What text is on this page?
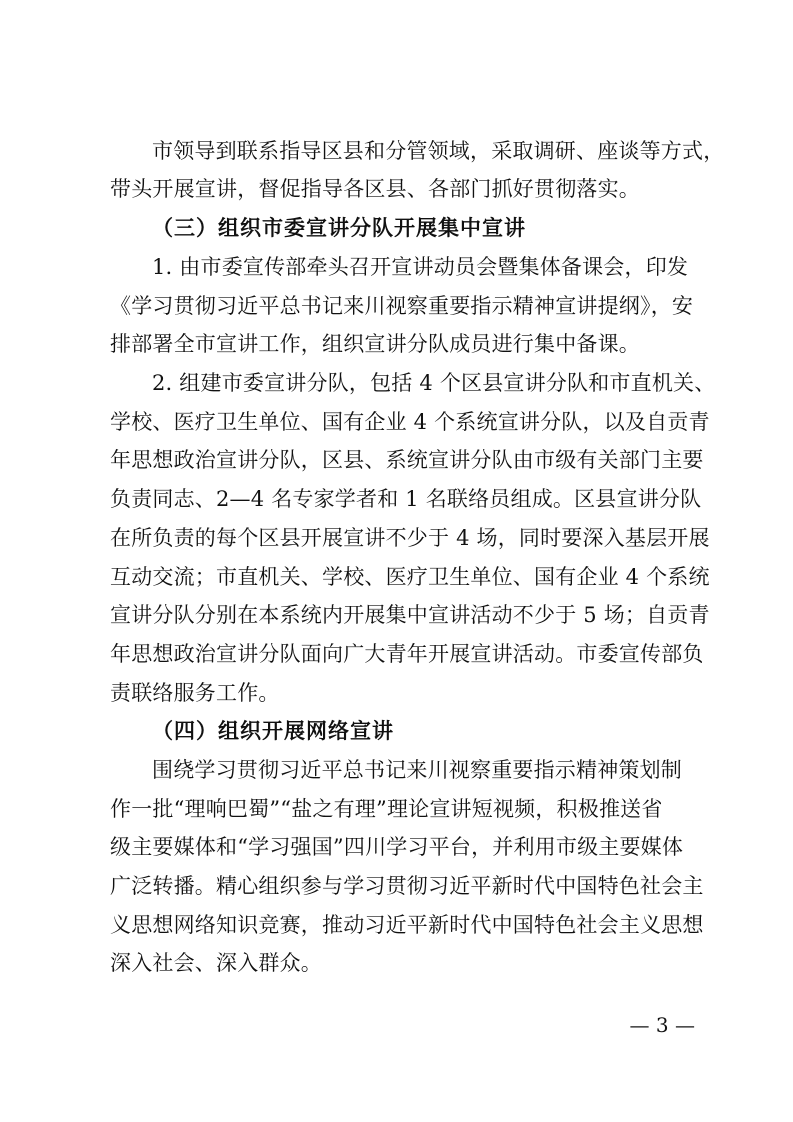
市领导到联系指导区县和分管领域，采取调研、座谈等方式，
带头开展宣讲，督促指导各区县、各部门抓好贯彻落实。
（三）组织市委宣讲分队开展集中宣讲
1. 由市委宣传部牵头召开宣讲动员会暨集体备课会，印发
《学习贯彻习近平总书记来川视察重要指示精神宣讲提纲》，安
排部署全市宣讲工作，组织宣讲分队成员进行集中备课。
2. 组建市委宣讲分队，包括 4 个区县宣讲分队和市直机关、
学校、医疗卫生单位、国有企业 4 个系统宣讲分队，以及自贡青
年思想政治宣讲分队，区县、系统宣讲分队由市级有关部门主要
负责同志、2—4 名专家学者和 1 名联络员组成。区县宣讲分队
在所负责的每个区县开展宣讲不少于 4 场，同时要深入基层开展
互动交流；市直机关、学校、医疗卫生单位、国有企业 4 个系统
宣讲分队分别在本系统内开展集中宣讲活动不少于 5 场；自贡青
年思想政治宣讲分队面向广大青年开展宣讲活动。市委宣传部负
责联络服务工作。
（四）组织开展网络宣讲
围绕学习贯彻习近平总书记来川视察重要指示精神策划制
作一批“理响巴蜀”“盐之有理”理论宣讲短视频，积极推送省
级主要媒体和“学习强国”四川学习平台，并利用市级主要媒体
广泛转播。精心组织参与学习贯彻习近平新时代中国特色社会主
义思想网络知识竞赛，推动习近平新时代中国特色社会主义思想
深入社会、深入群众。
— 3 —
